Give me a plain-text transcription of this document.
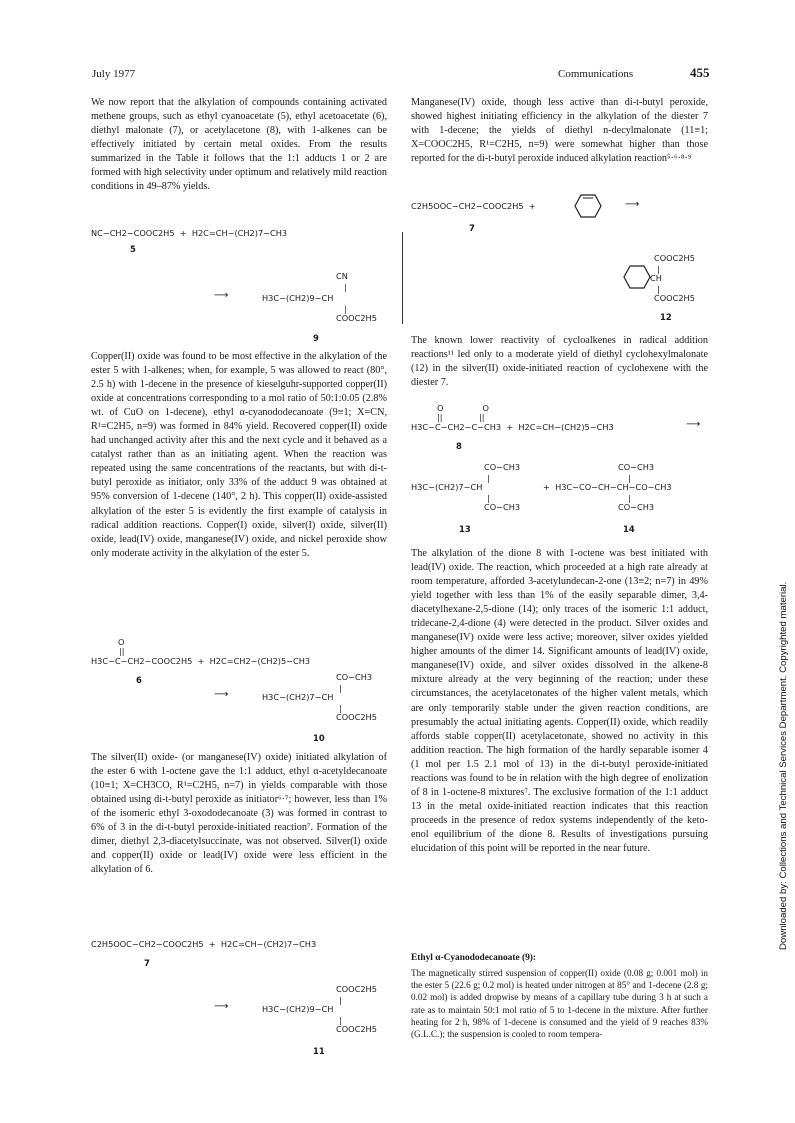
July 1977	Communications	455
Downloaded by: Collections and Technical Services Department. Copyrighted material.

We now report that the alkylation of compounds containing activated methene groups, such as ethyl cyanoacetate (5), ethyl acetoacetate (6), diethyl malonate (7), or acetylacetone (8), with 1-alkenes can be effectively initiated by certain metal oxides. From the results summarized in the Table it follows that the 1:1 adducts 1 or 2 are formed with high selectivity under optimum and relatively mild reaction conditions in 49–87% yields.

NC−CH2−COOC2H5  +  H2C=CH−(CH2)7−CH3
5
CN
|
⟶	H3C−(CH2)9−CH
|
COOC2H5
9

Copper(II) oxide was found to be most effective in the alkylation of the ester 5 with 1-alkenes; when, for example, 5 was allowed to react (80°, 2.5 h) with 1-decene in the presence of kieselguhr-supported copper(II) oxide at concentrations corresponding to a mol ratio of 50:1:0.05 (2.8% wt. of CuO on 1-decene), ethyl α-cyanododecanoate (9≡1; X=CN, R¹=C2H5, n=9) was formed in 84% yield. Recovered copper(II) oxide had unchanged activity after this and the next cycle and it behaved as a catalyst rather than as an initiating agent. When the reaction was repeated using the same concentrations of the reactants, but with di-t-butyl peroxide as initiator, only 33% of the adduct 9 was obtained at 95% conversion of 1-decene (140°, 2 h). This copper(II) oxide-assisted alkylation of the ester 5 is evidently the first example of catalysis in radical addition reactions. Copper(I) oxide, silver(I) oxide, silver(II) oxide, lead(IV) oxide, manganese(IV) oxide, and nickel peroxide show only moderate activity in the alkylation of the ester 5.

O
||
H3C−C−CH2−COOC2H5  +  H2C=CH2−(CH2)5−CH3
6	CO−CH3
|
⟶	H3C−(CH2)7−CH
|
COOC2H5
10

The silver(II) oxide- (or manganese(IV) oxide) initiated alkylation of the ester 6 with 1-octene gave the 1:1 adduct, ethyl α-acetyldecanoate (10≡1; X=CH3CO, R¹=C2H5, n=7) in yields comparable with those obtained using di-t-butyl peroxide as initiator⁶·⁷; however, less than 1% of the isomeric ethyl 3-oxododecanoate (3) was formed in contrast to 6% of 3 in the di-t-butyl peroxide-initiated reaction⁷. Formation of the dimer, diethyl 2,3-diacetylsuccinate, was not observed. Silver(I) oxide and copper(II) oxide or lead(IV) oxide were less efficient in the alkylation of 6.

C2H5OOC−CH2−COOC2H5  +  H2C=CH−(CH2)7−CH3
7
COOC2H5
|
⟶	H3C−(CH2)9−CH
|
COOC2H5
11

Manganese(IV) oxide, though less active than di-t-butyl peroxide, showed highest initiating efficiency in the alkylation of the diester 7 with 1-decene; the yields of diethyl n-decylmalonate (11≡1; X=COOC2H5, R¹=C2H5, n=9) were somewhat higher than those reported for the di-t-butyl peroxide induced alkylation reaction⁵·⁶·⁸·⁹

C2H5OOC−CH2−COOC2H5  +	⟶
7
COOC2H5
|
CH
|
COOC2H5
12

The known lower reactivity of cycloalkenes in radical addition reactions¹¹ led only to a moderate yield of diethyl cyclohexylmalonate (12) in the silver(II) oxide-initiated reaction of cyclohexene with the diester 7.

O               O
||              ||
H3C−C−CH2−C−CH3  +  H2C=CH−(CH2)5−CH3	⟶
8
CO−CH3
|
H3C−(CH2)7−CH
|
CO−CH3
13
CO−CH3
|
+  H3C−CO−CH−CH−CO−CH3
|
CO−CH3
14

The alkylation of the dione 8 with 1-octene was best initiated with lead(IV) oxide. The reaction, which proceeded at a high rate already at room temperature, afforded 3-acetylundecan-2-one (13≡2; n=7) in 49% yield together with less than 1% of the easily separable dimer, 3,4-diacetylhexane-2,5-dione (14); only traces of the isomeric 1:1 adduct, tridecane-2,4-dione (4) were detected in the product. Silver oxides and manganese(IV) oxide were less active; moreover, silver oxides yielded higher amounts of the dimer 14. Significant amounts of lead(IV) oxide, manganese(IV) oxide, and silver oxides dissolved in the alkene-8 mixture already at the very beginning of the reaction; under these circumstances, the acetylacetonates of the higher valent metals, which are only temporarily stable under the given reaction conditions, are presumably the actual initiating agents. Copper(II) oxide, which readily affords stable copper(II) acetylacetonate, showed no activity in this addition reaction. The high formation of the hardly separable isomer 4 (1 mol per 1.5 2.1 mol of 13) in the di-t-butyl peroxide-initiated reactions was found to be in relation with the high degree of enolization of 8 in 1-octene-8 mixtures⁷. The exclusive formation of the 1:1 adduct 13 in the metal oxide-initiated reaction indicates that this reaction proceeds in the presence of redox systems independently of the keto-enol equilibrium of the dione 8. Results of investigations pursuing elucidation of this point will be reported in the near future.

Ethyl α-Cyanododecanoate (9):

The magnetically stirred suspension of copper(II) oxide (0.08 g; 0.001 mol) in the ester 5 (22.6 g; 0.2 mol) is heated under nitrogen at 85° and 1-decene (2.8 g; 0.02 mol) is added dropwise by means of a capillary tube during 3 h at such a rate as to maintain 50:1 mol ratio of 5 to 1-decene in the mixture. After further heating for 2 h, 98% of 1-decene is consumed and the yield of 9 reaches 83% (G.L.C.); the suspension is cooled to room tempera-
